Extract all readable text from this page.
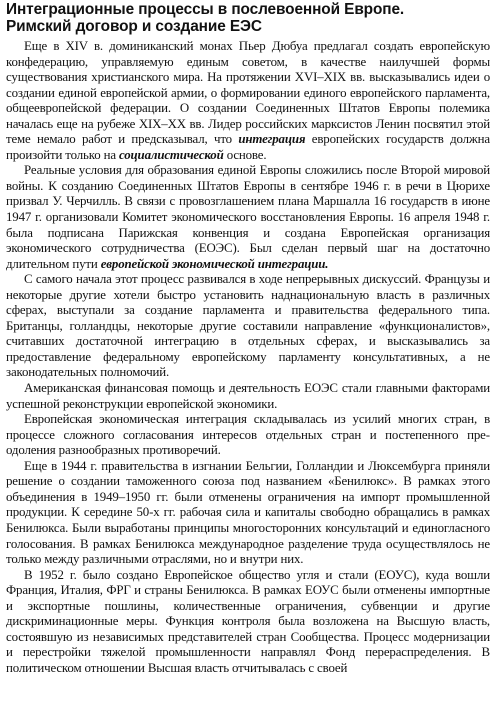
Интеграционные процессы в послевоенной Европе.
Римский договор и создание ЕЭС

Еще в XIV в. доминиканский монах Пьер Дюбуа предлагал создать европейскую конфедерацию, управляемую единым советом, в качестве наилучшей формы существования христианского мира. На протяжении XVI–XIX вв. высказывались идеи о создании единой европейской армии, о формировании единого европейского парламента, общеевропейской федерации. О создании Соединенных Штатов Европы полемика началась еще на рубеже XIX–XX вв. Лидер российских марксистов Ленин посвятил этой теме немало работ и предсказывал, что интеграция европейских государств должна произойти только на социалистической основе.

Реальные условия для образования единой Европы сложились после Второй мировой войны. К созданию Соединенных Штатов Европы в сентябре 1946 г. в речи в Цюрихе призвал У. Черчилль. В связи с провозглашением плана Маршалла 16 государств в июне 1947 г. организовали Комитет экономического восстановления Европы. 16 апреля 1948 г. была подписана Парижская конвенция и создана Европейская организация экономического сотрудничества (ЕОЭС). Был сделан первый шаг на достаточно длительном пути европейской экономической интеграции.

С самого начала этот процесс развивался в ходе непрерывных дискуссий. Французы и некоторые другие хотели быстро установить наднациональную власть в различных сферах, выступали за создание парламента и правительства федерального типа. Британцы, голландцы, некоторые другие составили направление «функционалистов», считавших достаточной интеграцию в отдельных сферах, и высказывались за предоставление федеральному европейскому парламенту консультативных, а не законодательных полномочий.

Американская финансовая помощь и деятельность ЕОЭС стали главными факторами успешной реконструкции европейской экономики.

Европейская экономическая интеграция складывалась из усилий многих стран, в процессе сложного согласования интересов отдельных стран и постепенного преодоления разнообразных противоречий.

Еще в 1944 г. правительства в изгнании Бельгии, Голландии и Люксембурга приняли решение о создании таможенного союза под названием «Бенилюкс». В рамках этого объединения в 1949–1950 гг. были отменены ограничения на импорт промышленной продукции. К середине 50-х гг. рабочая сила и капиталы свободно обращались в рамках Бенилюкса. Были выработаны принципы многосторонних консультаций и единогласного голосования. В рамках Бенилюкса международное разделение труда осуществлялось не только между различными отраслями, но и внутри них.

В 1952 г. было создано Европейское общество угля и стали (ЕОУС), куда вошли Франция, Италия, ФРГ и страны Бенилюкса. В рамках ЕОУС были отменены импортные и экспортные пошлины, количественные ограничения, субвенции и другие дискриминационные меры. Функция контроля была возложена на Высшую власть, состоявшую из независимых представителей стран Сообщества. Процесс модернизации и перестройки тяжелой промышленности направлял Фонд перераспределения. В политическом отношении Высшая власть отчитывалась с своей
